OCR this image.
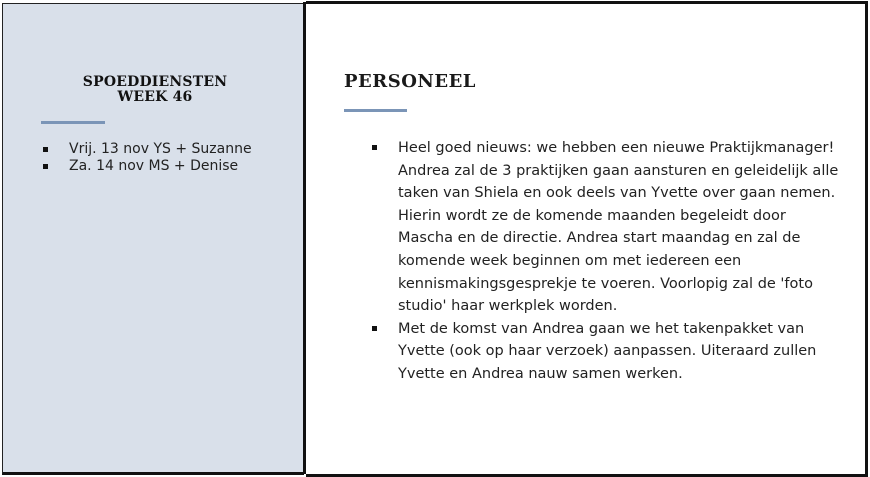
SPOEDDIENSTEN
WEEK 46
Vrij. 13 nov YS + Suzanne
Za. 14 nov MS + Denise
PERSONEEL
Heel goed nieuws: we hebben een nieuwe Praktijkmanager! Andrea zal de 3 praktijken gaan aansturen en geleidelijk alle taken van Shiela en ook deels van Yvette over gaan nemen. Hierin wordt ze de komende maanden begeleidt door Mascha en de directie. Andrea start maandag en zal de komende week beginnen om met iedereen een kennismakingsgesprekje te voeren. Voorlopig zal de 'foto studio' haar werkplek worden.
Met de komst van Andrea gaan we het takenpakket van Yvette (ook op haar verzoek) aanpassen. Uiteraard zullen Yvette en Andrea nauw samen werken.
